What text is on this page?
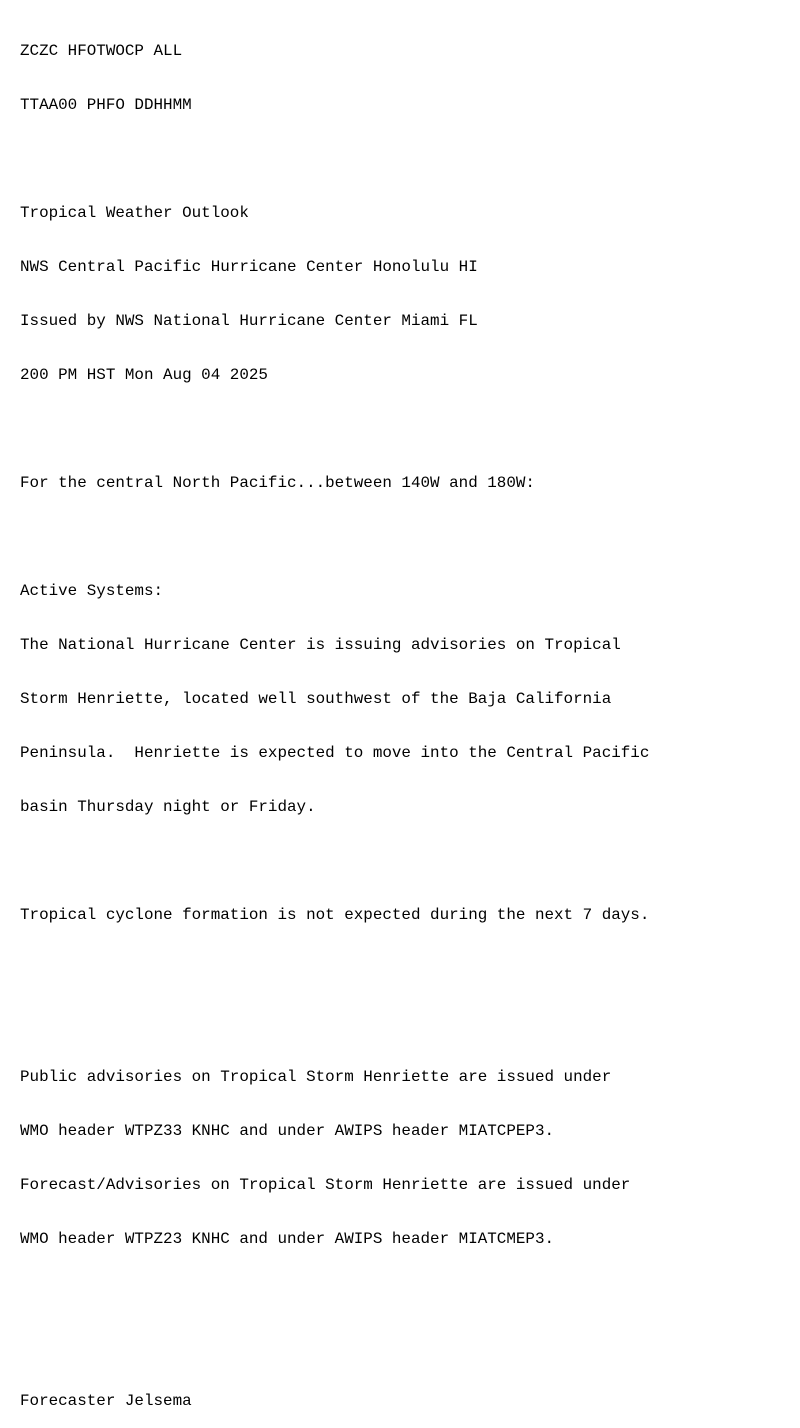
ZCZC HFOTWOCP ALL

TTAA00 PHFO DDHHMM

Tropical Weather Outlook

NWS Central Pacific Hurricane Center Honolulu HI

Issued by NWS National Hurricane Center Miami FL

200 PM HST Mon Aug 04 2025

For the central North Pacific...between 140W and 180W:

Active Systems:

The National Hurricane Center is issuing advisories on Tropical

Storm Henriette, located well southwest of the Baja California

Peninsula.  Henriette is expected to move into the Central Pacific

basin Thursday night or Friday.

Tropical cyclone formation is not expected during the next 7 days.

Public advisories on Tropical Storm Henriette are issued under

WMO header WTPZ33 KNHC and under AWIPS header MIATCPEP3.

Forecast/Advisories on Tropical Storm Henriette are issued under

WMO header WTPZ23 KNHC and under AWIPS header MIATCMEP3.

Forecaster Jelsema
